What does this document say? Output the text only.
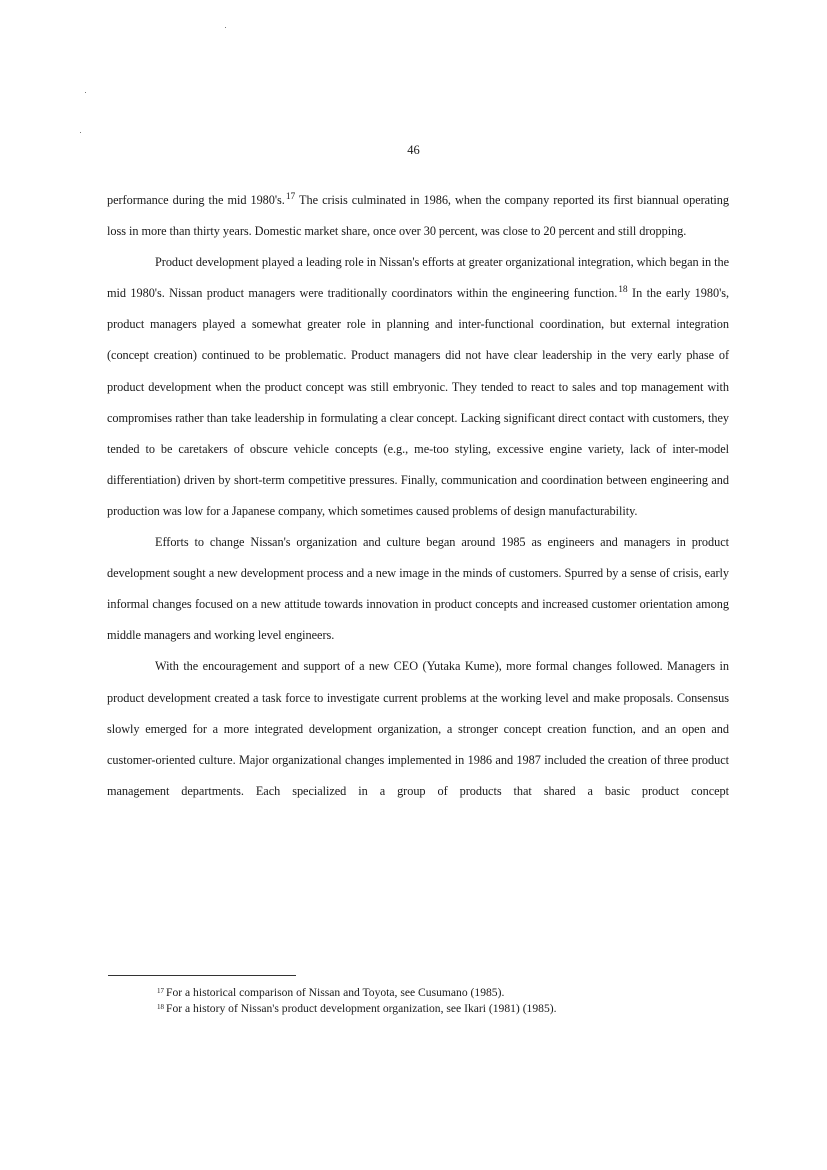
46

performance during the mid 1980's.$^{17}$ The crisis culminated in 1986, when the company reported its first biannual operating loss in more than thirty years. Domestic market share, once over 30 percent, was close to 20 percent and still dropping.

Product development played a leading role in Nissan's efforts at greater organizational integration, which began in the mid 1980's. Nissan product managers were traditionally coordinators within the engineering function.$^{18}$ In the early 1980's, product managers played a somewhat greater role in planning and inter-functional coordination, but external integration (concept creation) continued to be problematic. Product managers did not have clear leadership in the very early phase of product development when the product concept was still embryonic. They tended to react to sales and top management with compromises rather than take leadership in formulating a clear concept. Lacking significant direct contact with customers, they tended to be caretakers of obscure vehicle concepts (e.g., me-too styling, excessive engine variety, lack of inter-model differentiation) driven by short-term competitive pressures. Finally, communication and coordination between engineering and production was low for a Japanese company, which sometimes caused problems of design manufacturability.

Efforts to change Nissan's organization and culture began around 1985 as engineers and managers in product development sought a new development process and a new image in the minds of customers. Spurred by a sense of crisis, early informal changes focused on a new attitude towards innovation in product concepts and increased customer orientation among middle managers and working level engineers.

With the encouragement and support of a new CEO (Yutaka Kume), more formal changes followed. Managers in product development created a task force to investigate current problems at the working level and make proposals. Consensus slowly emerged for a more integrated development organization, a stronger concept creation function, and an open and customer-oriented culture. Major organizational changes implemented in 1986 and 1987 included the creation of three product management departments. Each specialized in a group of products that shared a basic product concept

$^{17}$ For a historical comparison of Nissan and Toyota, see Cusumano (1985).

$^{18}$ For a history of Nissan's product development organization, see Ikari (1981) (1985).
